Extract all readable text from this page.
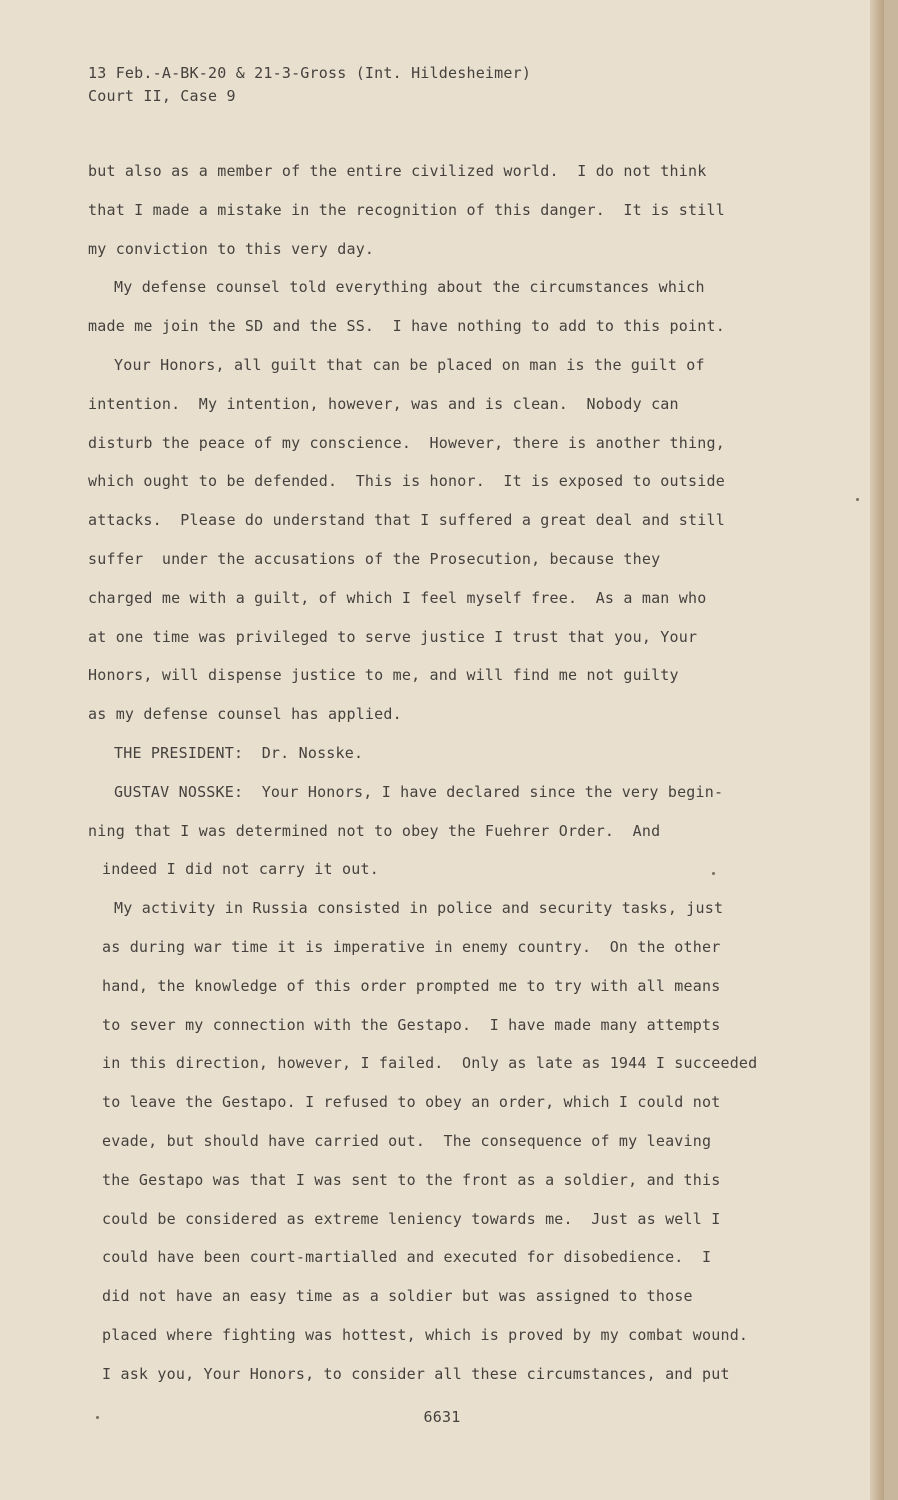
13 Feb.-A-BK-20 & 21-3-Gross (Int. Hildesheimer)
Court II, Case 9
but also as a member of the entire civilized world.  I do not think
that I made a mistake in the recognition of this danger.  It is still
my conviction to this very day.
My defense counsel told everything about the circumstances which
made me join the SD and the SS.  I have nothing to add to this point.
Your Honors, all guilt that can be placed on man is the guilt of
intention.  My intention, however, was and is clean.  Nobody can
disturb the peace of my conscience.  However, there is another thing,
which ought to be defended.  This is honor.  It is exposed to outside
attacks.  Please do understand that I suffered a great deal and still
suffer  under the accusations of the Prosecution, because they
charged me with a guilt, of which I feel myself free.  As a man who
at one time was privileged to serve justice I trust that you, Your
Honors, will dispense justice to me, and will find me not guilty
as my defense counsel has applied.
THE PRESIDENT:  Dr. Nosske.
GUSTAV NOSSKE:  Your Honors, I have declared since the very begin-
ning that I was determined not to obey the Fuehrer Order.  And
indeed I did not carry it out.
My activity in Russia consisted in police and security tasks, just
as during war time it is imperative in enemy country.  On the other
hand, the knowledge of this order prompted me to try with all means
to sever my connection with the Gestapo.  I have made many attempts
in this direction, however, I failed.  Only as late as 1944 I succeeded
to leave the Gestapo. I refused to obey an order, which I could not
evade, but should have carried out.  The consequence of my leaving
the Gestapo was that I was sent to the front as a soldier, and this
could be considered as extreme leniency towards me.  Just as well I
could have been court-martialled and executed for disobedience.  I
did not have an easy time as a soldier but was assigned to those
placed where fighting was hottest, which is proved by my combat wound.
I ask you, Your Honors, to consider all these circumstances, and put
6631
